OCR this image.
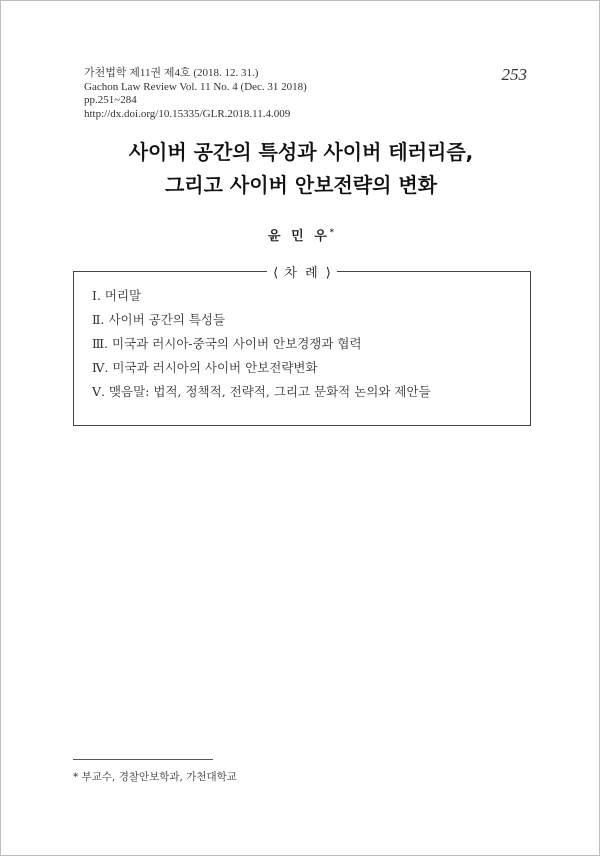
가천법학 제11권 제4호 (2018. 12. 31.)
Gachon Law Review Vol. 11 No. 4 (Dec. 31 2018)
pp.251~284
http://dx.doi.org/10.15335/GLR.2018.11.4.009
253
사이버 공간의 특성과 사이버 테러리즘,
그리고 사이버 안보전략의 변화
윤 민 우*
⟨ 차 례 ⟩
Ⅰ. 머리말
Ⅱ. 사이버 공간의 특성들
Ⅲ. 미국과 러시아-중국의 사이버 안보경쟁과 협력
Ⅳ. 미국과 러시아의 사이버 안보전략변화
Ⅴ. 맺음말: 법적, 정책적, 전략적, 그리고 문화적 논의와 제안들
* 부교수, 경찰안보학과, 가천대학교
